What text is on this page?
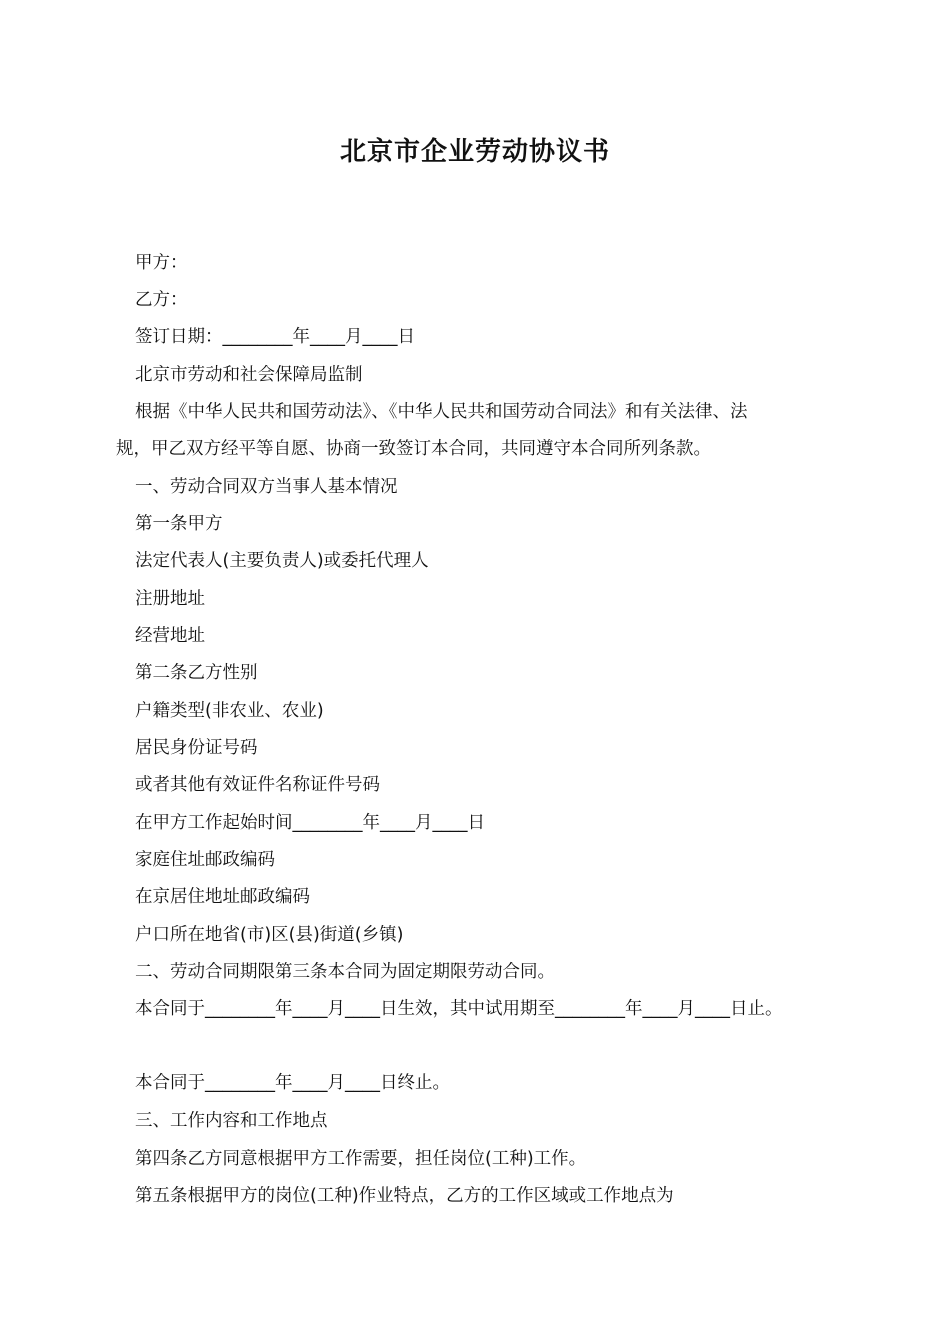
北京市企业劳动协议书
甲方：
乙方：
签订日期：________年____月____日
北京市劳动和社会保障局监制
根据《中华人民共和国劳动法》、《中华人民共和国劳动合同法》和有关法律、法
规，甲乙双方经平等自愿、协商一致签订本合同，共同遵守本合同所列条款。
一、劳动合同双方当事人基本情况
第一条甲方
法定代表人(主要负责人)或委托代理人
注册地址
经营地址
第二条乙方性别
户籍类型(非农业、农业)
居民身份证号码
或者其他有效证件名称证件号码
在甲方工作起始时间________年____月____日
家庭住址邮政编码
在京居住地址邮政编码
户口所在地省(市)区(县)街道(乡镇)
二、劳动合同期限第三条本合同为固定期限劳动合同。
本合同于________年____月____日生效，其中试用期至________年____月____日止。
本合同于________年____月____日终止。
三、工作内容和工作地点
第四条乙方同意根据甲方工作需要，担任岗位(工种)工作。
第五条根据甲方的岗位(工种)作业特点，乙方的工作区域或工作地点为
